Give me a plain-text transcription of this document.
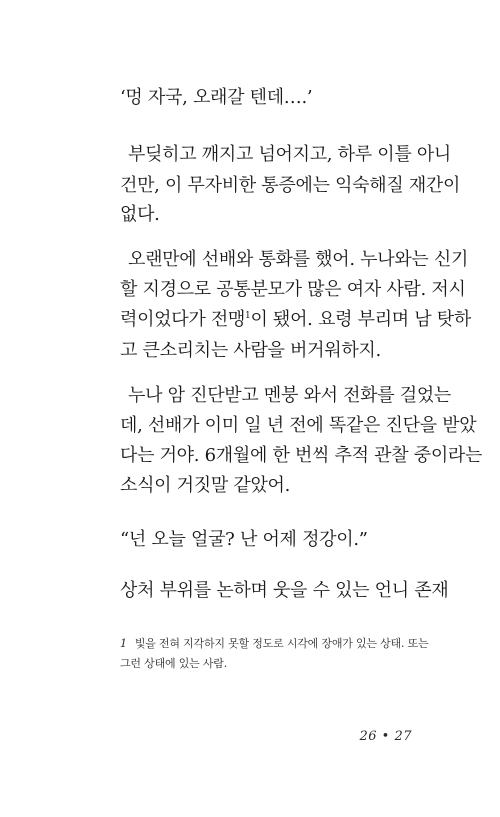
‘멍 자국, 오래갈 텐데….’
부딪히고 깨지고 넘어지고, 하루 이틀 아니
건만, 이 무자비한 통증에는 익숙해질 재간이
없다.
오랜만에 선배와 통화를 했어. 누나와는 신기
할 지경으로 공통분모가 많은 여자 사람. 저시
력이었다가 전맹$^1$이 됐어. 요령 부리며 남 탓하
고 큰소리치는 사람을 버거워하지.
누나 암 진단받고 멘붕 와서 전화를 걸었는
데, 선배가 이미 일 년 전에 똑같은 진단을 받았
다는 거야. 6개월에 한 번씩 추적 관찰 중이라는
소식이 거짓말 같았어.
“넌 오늘 얼굴? 난 어제 정강이.”
상처 부위를 논하며 웃을 수 있는 언니 존재
1 빛을 전혀 지각하지 못할 정도로 시각에 장애가 있는 상태. 또는
그런 상태에 있는 사람.
26 • 27
